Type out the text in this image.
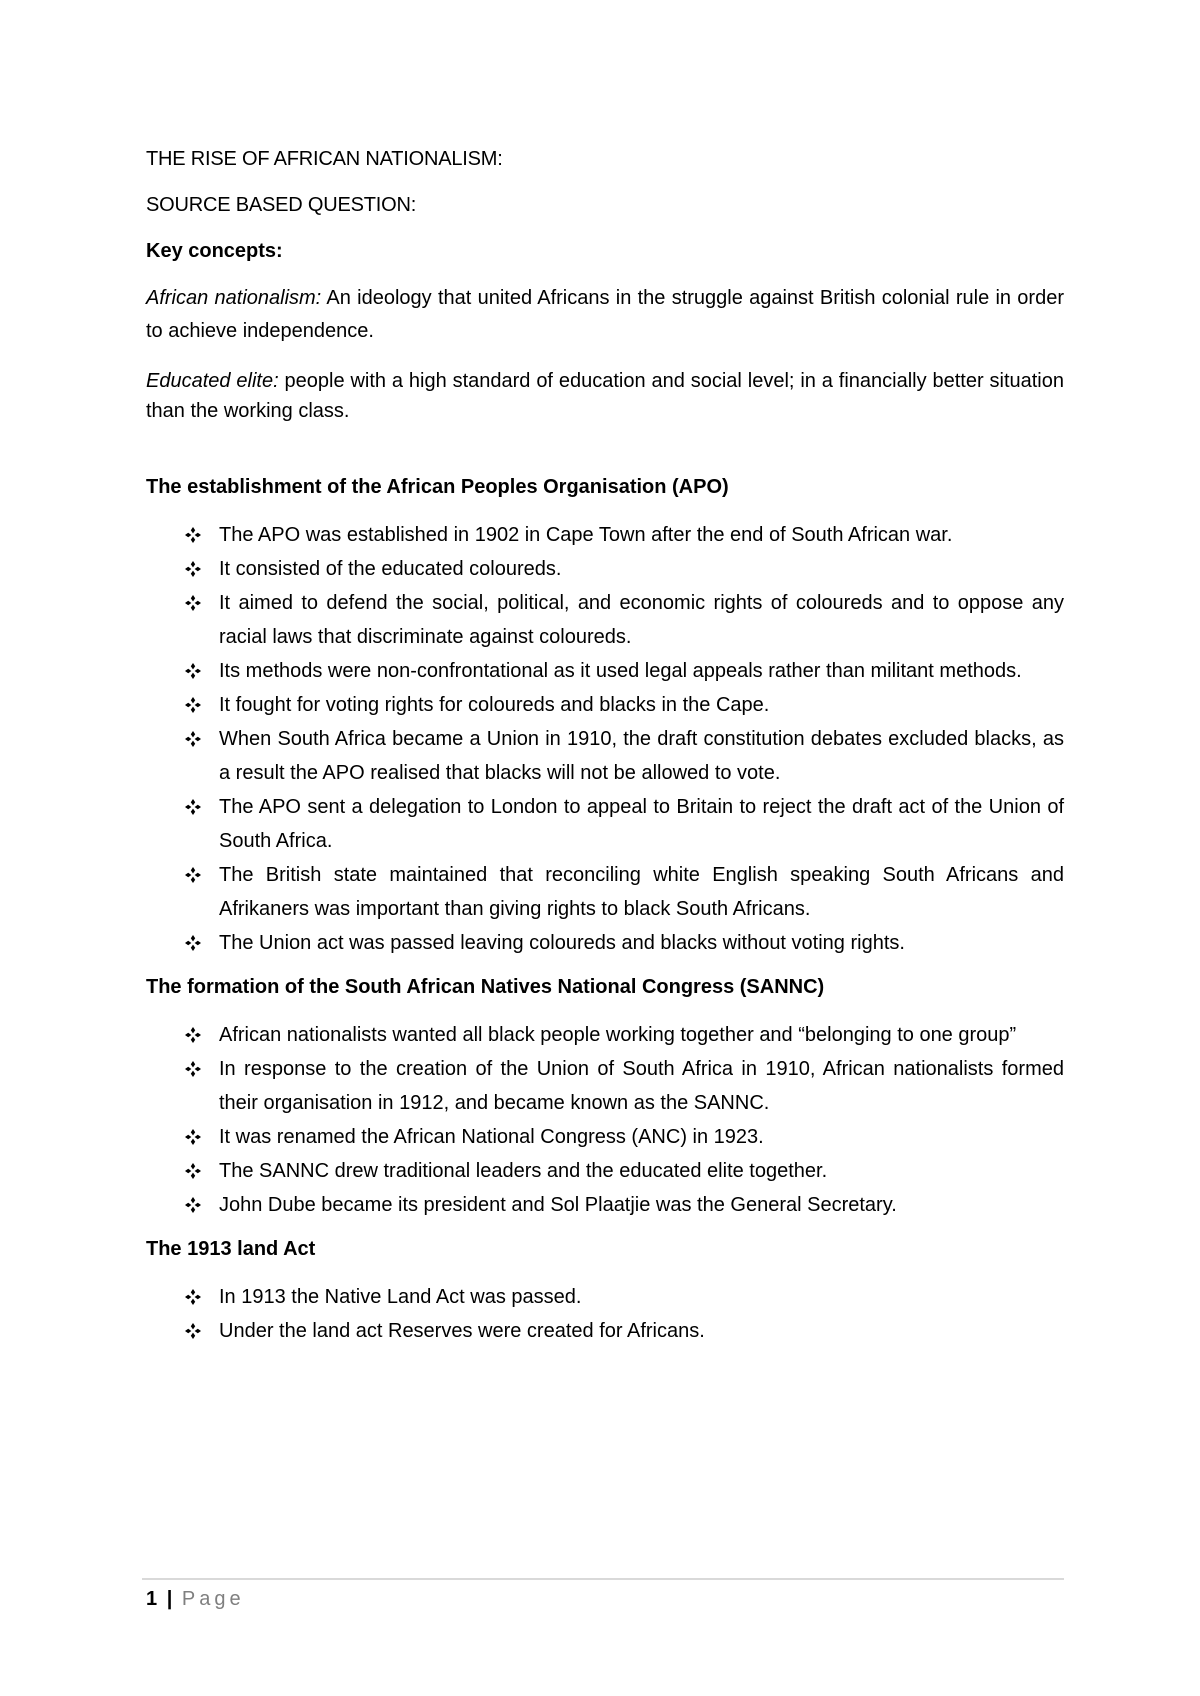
THE RISE OF AFRICAN NATIONALISM:
SOURCE BASED QUESTION:
Key concepts:

African nationalism: An ideology that united Africans in the struggle against British colonial rule in order to achieve independence.

Educated elite: people with a high standard of education and social level; in a financially better situation than the working class.

The establishment of the African Peoples Organisation (APO)
The APO was established in 1902 in Cape Town after the end of South African war.
It consisted of the educated coloureds.
It aimed to defend the social, political, and economic rights of coloureds and to oppose any racial laws that discriminate against coloureds.
Its methods were non-confrontational as it used legal appeals rather than militant methods.
It fought for voting rights for coloureds and blacks in the Cape.
When South Africa became a Union in 1910, the draft constitution debates excluded blacks, as a result the APO realised that blacks will not be allowed to vote.
The APO sent a delegation to London to appeal to Britain to reject the draft act of the Union of South Africa.
The British state maintained that reconciling white English speaking South Africans and Afrikaners was important than giving rights to black South Africans.
The Union act was passed leaving coloureds and blacks without voting rights.
The formation of the South African Natives National Congress (SANNC)
African nationalists wanted all black people working together and “belonging to one group”
In response to the creation of the Union of South Africa in 1910, African nationalists formed their organisation in 1912, and became known as the SANNC.
It was renamed the African National Congress (ANC) in 1923.
The SANNC drew traditional leaders and the educated elite together.
John Dube became its president and Sol Plaatjie was the General Secretary.
The 1913 land Act
In 1913 the Native Land Act was passed.
Under the land act Reserves were created for Africans.
1 | Page
